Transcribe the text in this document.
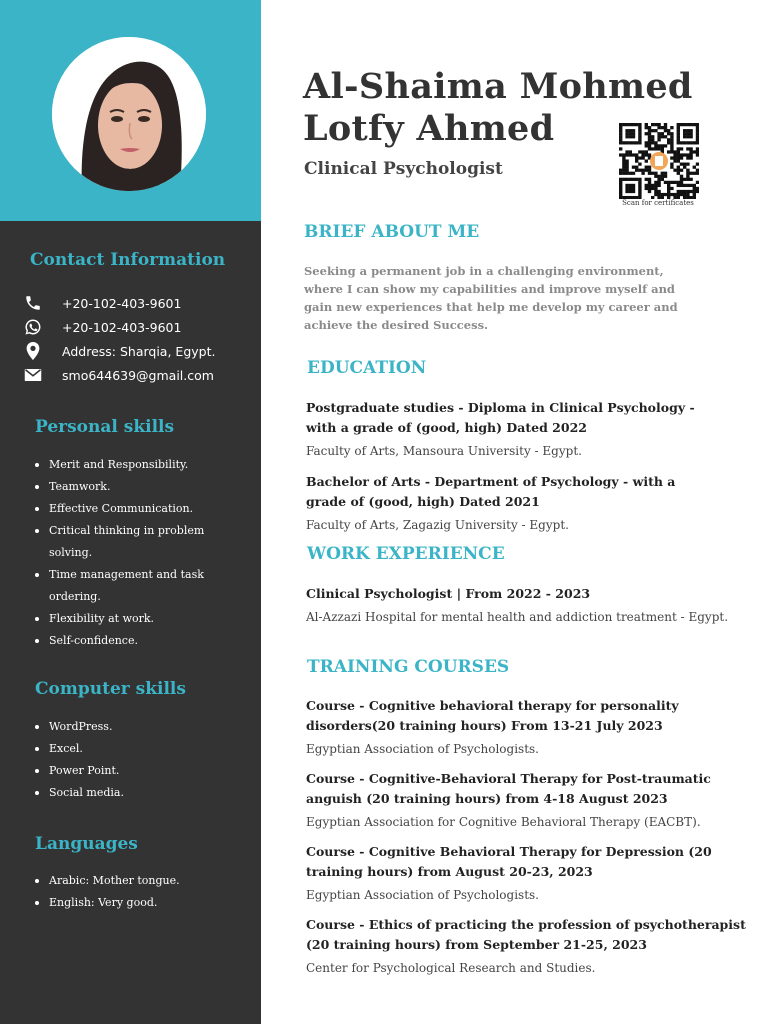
Contact Information
+20-102-403-9601
+20-102-403-9601
Address: Sharqia, Egypt.
smo644639@gmail.com
Personal skills
Merit and Responsibility.
Teamwork.
Effective Communication.
Critical thinking in problem
solving.
Time management and task
ordering.
Flexibility at work.
Self-confidence.
Computer skills
WordPress.
Excel.
Power Point.
Social media.
Languages
Arabic: Mother tongue.
English: Very good.
Al-Shaima Mohmed
Lotfy Ahmed
Clinical Psychologist
Scan for certificates
BRIEF ABOUT ME
Seeking a permanent job in a challenging environment, where I can show my capabilities and improve myself and gain new experiences that help me develop my career and achieve the desired Success.
EDUCATION
Postgraduate studies - Diploma in Clinical Psychology - with a grade of (good, high) Dated 2022
Faculty of Arts, Mansoura University - Egypt.
Bachelor of Arts - Department of Psychology - with a grade of (good, high) Dated 2021
Faculty of Arts, Zagazig University - Egypt.
WORK EXPERIENCE
Clinical Psychologist | From 2022 - 2023
Al-Azzazi Hospital for mental health and addiction treatment - Egypt.
TRAINING COURSES
Course - Cognitive behavioral therapy for personality disorders(20 training hours) From 13-21 July 2023
Egyptian Association of Psychologists.
Course - Cognitive-Behavioral Therapy for Post-traumatic anguish (20 training hours) from 4-18 August 2023
Egyptian Association for Cognitive Behavioral Therapy (EACBT).
Course - Cognitive Behavioral Therapy for Depression (20 training hours) from August 20-23, 2023
Egyptian Association of Psychologists.
Course - Ethics of practicing the profession of psychotherapist (20 training hours) from September 21-25, 2023
Center for Psychological Research and Studies.
